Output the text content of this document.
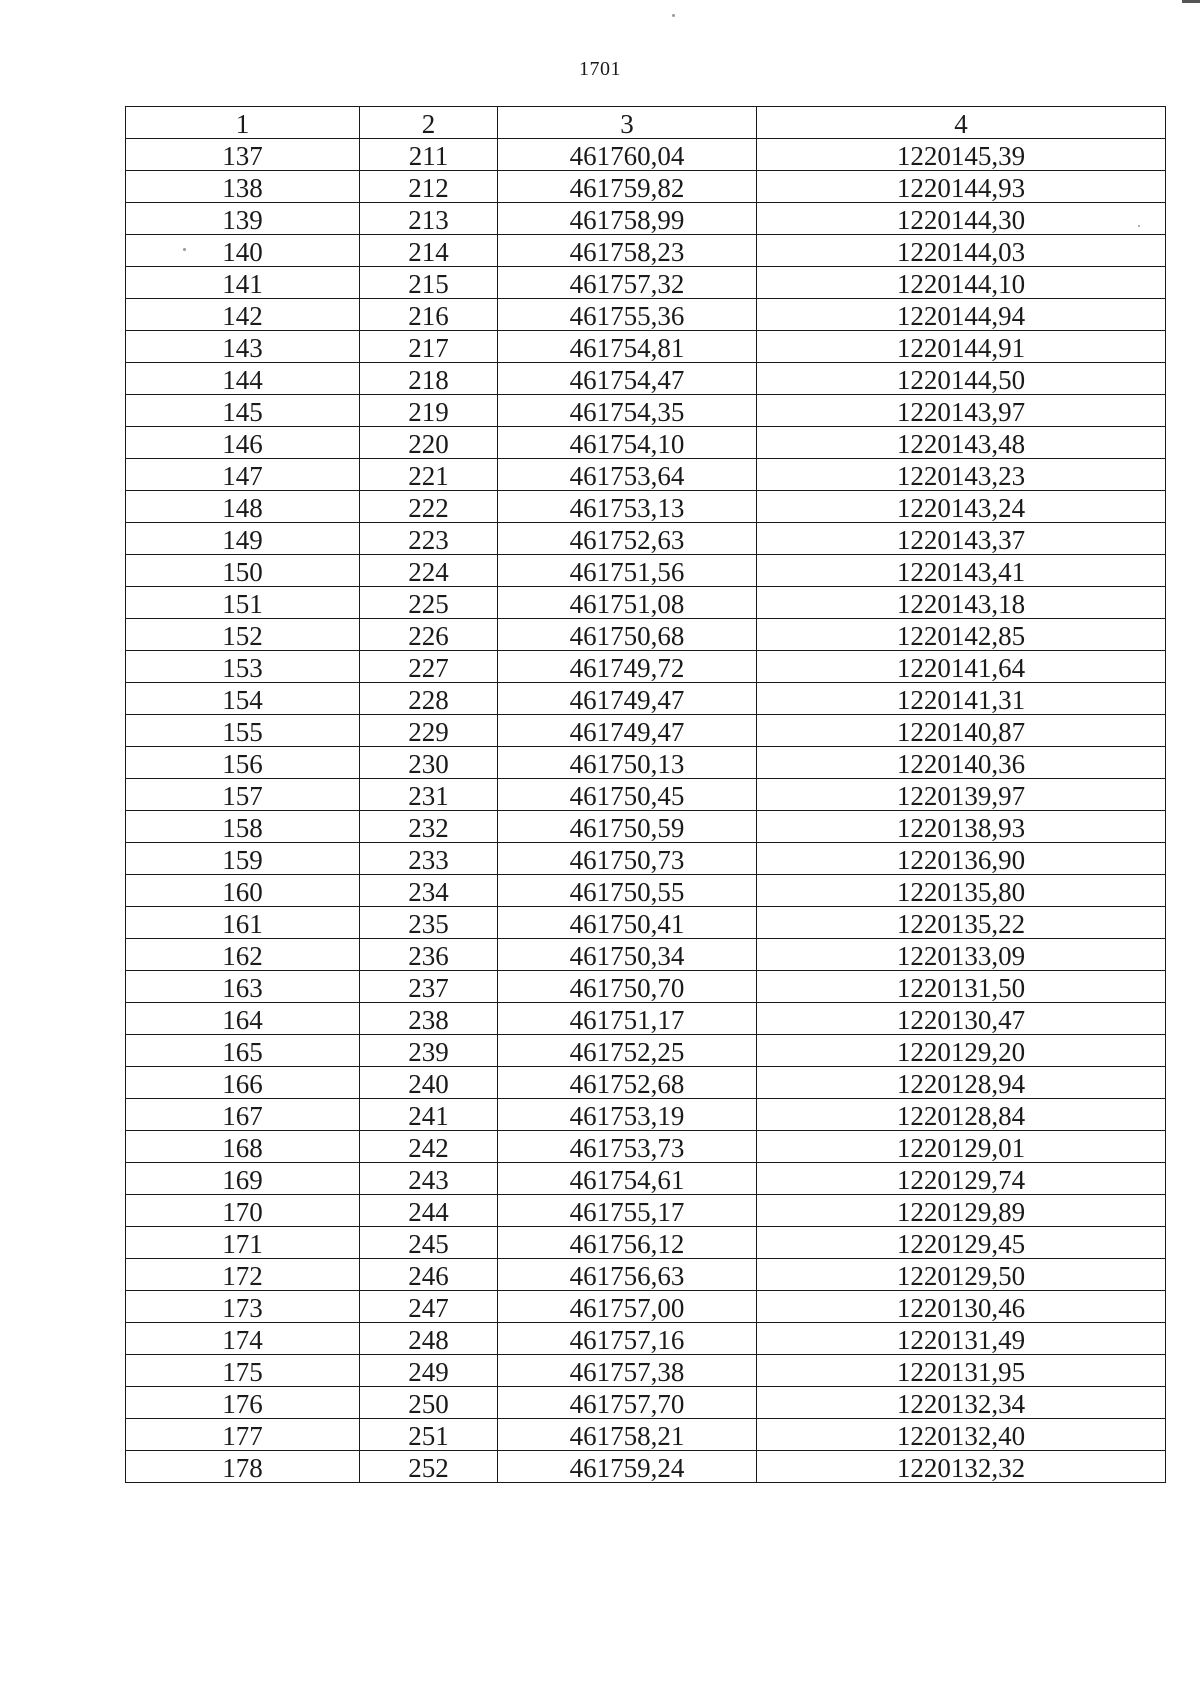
1701
1	2	3	4
137	211	461760,04	1220145,39
138	212	461759,82	1220144,93
139	213	461758,99	1220144,30
140	214	461758,23	1220144,03
141	215	461757,32	1220144,10
142	216	461755,36	1220144,94
143	217	461754,81	1220144,91
144	218	461754,47	1220144,50
145	219	461754,35	1220143,97
146	220	461754,10	1220143,48
147	221	461753,64	1220143,23
148	222	461753,13	1220143,24
149	223	461752,63	1220143,37
150	224	461751,56	1220143,41
151	225	461751,08	1220143,18
152	226	461750,68	1220142,85
153	227	461749,72	1220141,64
154	228	461749,47	1220141,31
155	229	461749,47	1220140,87
156	230	461750,13	1220140,36
157	231	461750,45	1220139,97
158	232	461750,59	1220138,93
159	233	461750,73	1220136,90
160	234	461750,55	1220135,80
161	235	461750,41	1220135,22
162	236	461750,34	1220133,09
163	237	461750,70	1220131,50
164	238	461751,17	1220130,47
165	239	461752,25	1220129,20
166	240	461752,68	1220128,94
167	241	461753,19	1220128,84
168	242	461753,73	1220129,01
169	243	461754,61	1220129,74
170	244	461755,17	1220129,89
171	245	461756,12	1220129,45
172	246	461756,63	1220129,50
173	247	461757,00	1220130,46
174	248	461757,16	1220131,49
175	249	461757,38	1220131,95
176	250	461757,70	1220132,34
177	251	461758,21	1220132,40
178	252	461759,24	1220132,32
